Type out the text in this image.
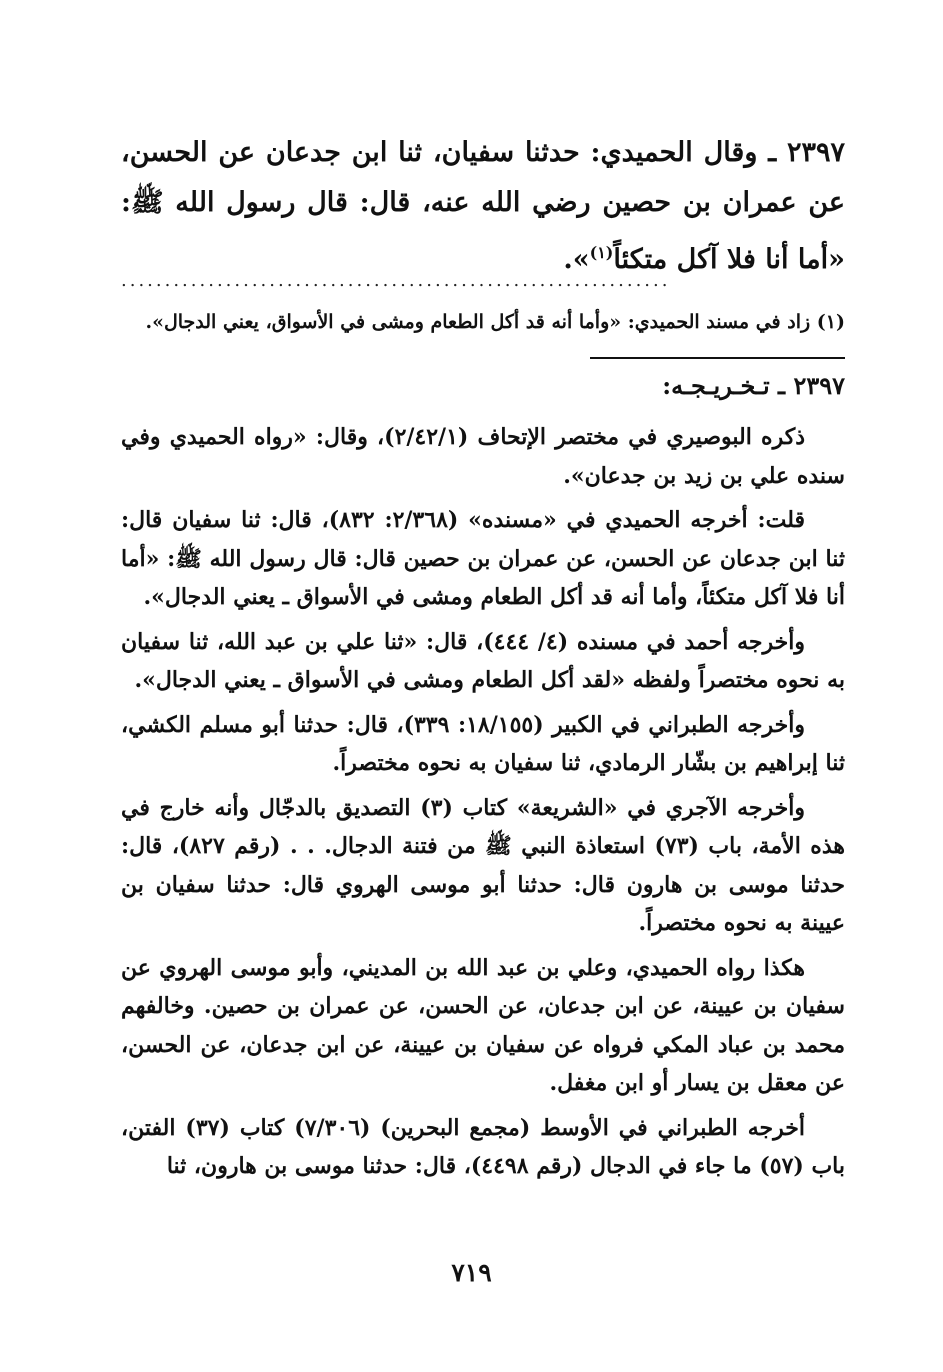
٢٣٩٧ ـ وقال الحميدي: حدثنا سفيان، ثنا ابن جدعان عن الحسن، عن عمران بن حصين رضي الله عنه، قال: قال رسول الله ﷺ: «أما أنا فلا آكل متكئاً$^{(١)}$».

...............................................................

(١) زاد في مسند الحميدي: «وأما أنه قد أكل الطعام ومشى في الأسواق، يعني الدجال».

٢٣٩٧ ـ تـخـريـجـه:

ذكره البوصيري في مختصر الإتحاف (٢/٤٢/١)، وقال: «رواه الحميدي وفي سنده علي بن زيد بن جدعان».

قلت: أخرجه الحميدي في «مسنده» (٢/٣٦٨: ٨٣٢)، قال: ثنا سفيان قال: ثنا ابن جدعان عن الحسن، عن عمران بن حصين قال: قال رسول الله ﷺ: «أما أنا فلا آكل متكئاً، وأما أنه قد أكل الطعام ومشى في الأسواق ـ يعني الدجال».

وأخرجه أحمد في مسنده (٤/ ٤٤٤)، قال: «ثنا علي بن عبد الله، ثنا سفيان به نحوه مختصراً ولفظه «لقد أكل الطعام ومشى في الأسواق ـ يعني الدجال».

وأخرجه الطبراني في الكبير (١٨/١٥٥: ٣٣٩)، قال: حدثنا أبو مسلم الكشي، ثنا إبراهيم بن بشّار الرمادي، ثنا سفيان به نحوه مختصراً.

وأخرجه الآجري في «الشريعة» كتاب (٣) التصديق بالدجّال وأنه خارج في هذه الأمة، باب (٧٣) استعاذة النبي ﷺ من فتنة الدجال. . . (رقم ٨٢٧)، قال: حدثنا موسى بن هارون قال: حدثنا أبو موسى الهروي قال: حدثنا سفيان بن عيينة به نحوه مختصراً.

هكذا رواه الحميدي، وعلي بن عبد الله بن المديني، وأبو موسى الهروي عن سفيان بن عيينة، عن ابن جدعان، عن الحسن، عن عمران بن حصين. وخالفهم محمد بن عباد المكي فرواه عن سفيان بن عيينة، عن ابن جدعان، عن الحسن، عن معقل بن يسار أو ابن مغفل.

أخرجه الطبراني في الأوسط (مجمع البحرين) (٧/٣٠٦) كتاب (٣٧) الفتن، باب (٥٧) ما جاء في الدجال (رقم ٤٤٩٨)، قال: حدثنا موسى بن هارون، ثنا

٧١٩
